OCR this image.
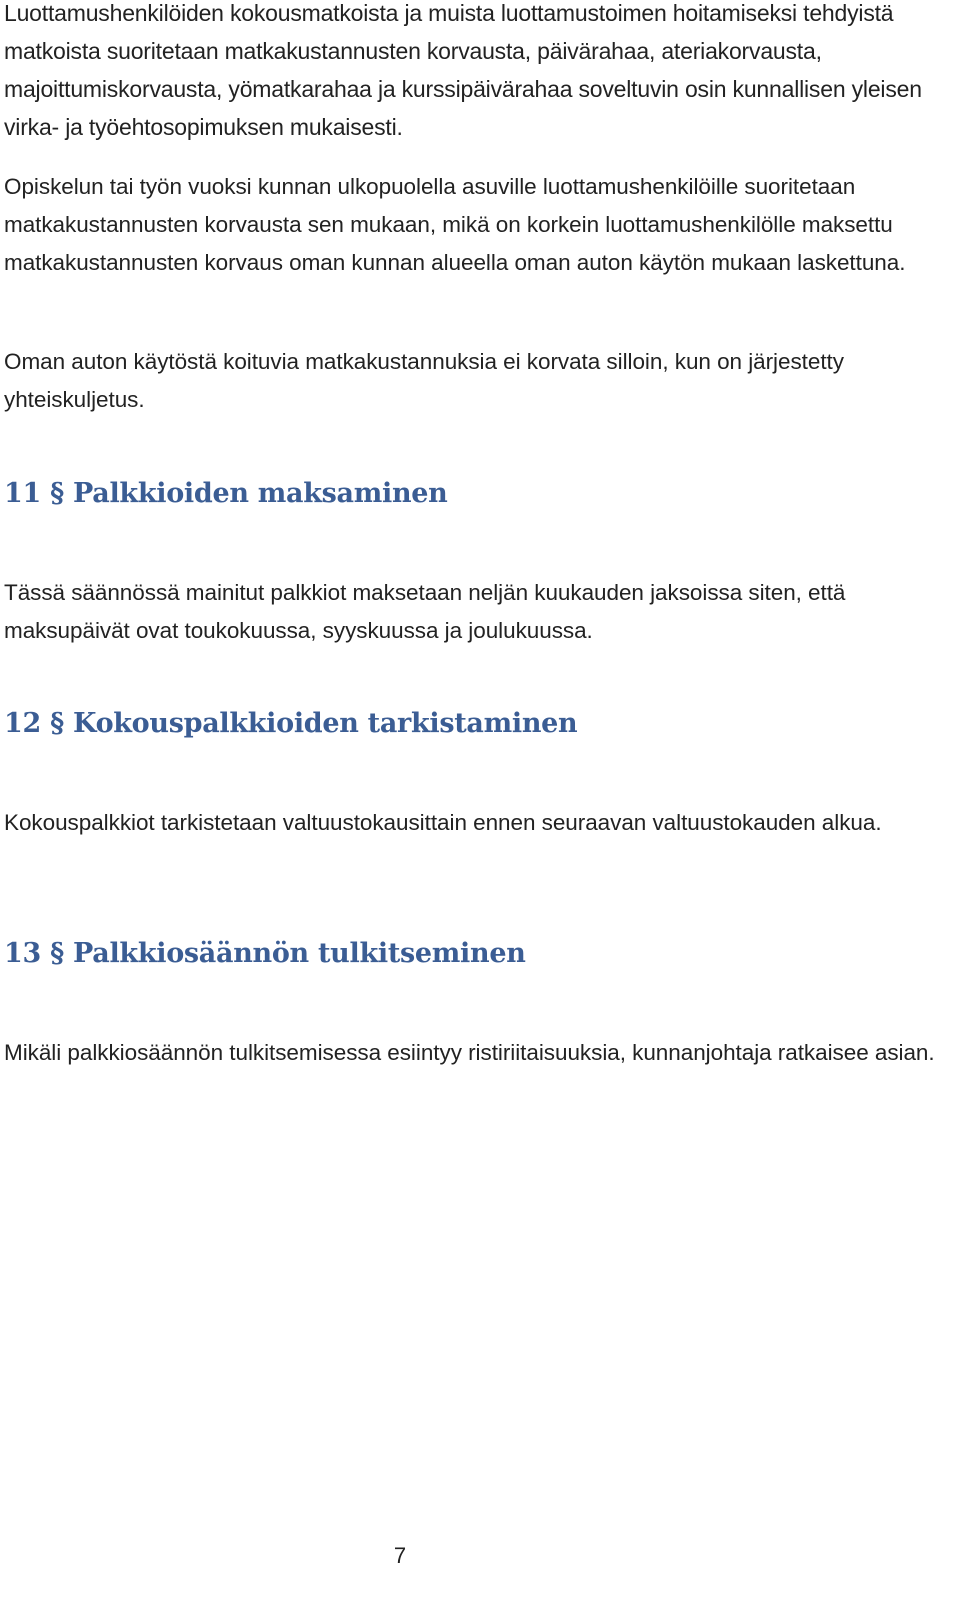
Luottamushenkilöiden kokousmatkoista ja muista luottamustoimen hoitamiseksi tehdyistä matkoista suoritetaan matkakustannusten korvausta, päivärahaa, ateriakorvausta, majoittumiskorvausta, yömatkarahaa ja kurssipäivärahaa soveltuvin osin kunnallisen yleisen virka- ja työehtosopimuksen mukaisesti.

Opiskelun tai työn vuoksi kunnan ulkopuolella asuville luottamushenkilöille suoritetaan matkakustannusten korvausta sen mukaan, mikä on korkein luottamushenkilölle maksettu matkakustannusten korvaus oman kunnan alueella oman auton käytön mukaan laskettuna.

Oman auton käytöstä koituvia matkakustannuksia ei korvata silloin, kun on järjestetty yhteiskuljetus.

11 § Palkkioiden maksaminen

Tässä säännössä mainitut palkkiot maksetaan neljän kuukauden jaksoissa siten, että maksupäivät ovat toukokuussa, syyskuussa ja joulukuussa.

12 § Kokouspalkkioiden tarkistaminen

Kokouspalkkiot tarkistetaan valtuustokausittain ennen seuraavan valtuustokauden alkua.

13 § Palkkiosäännön tulkitseminen

Mikäli palkkiosäännön tulkitsemisessa esiintyy ristiriitaisuuksia, kunnanjohtaja ratkaisee asian.

7
